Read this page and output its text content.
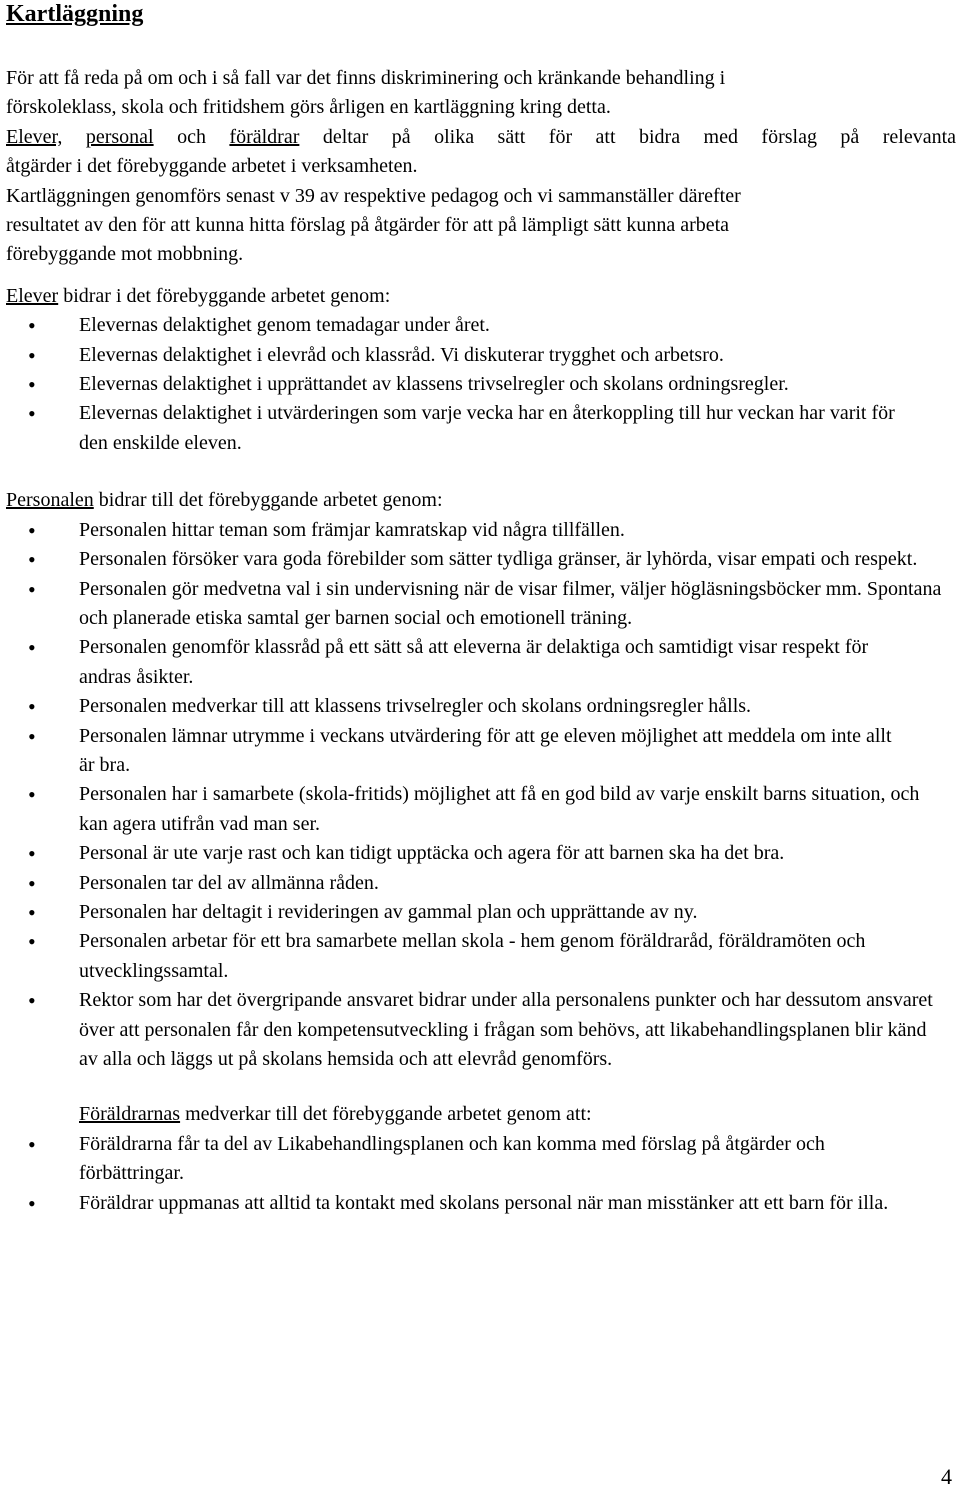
Kartläggning

För att få reda på om och i så fall var det finns diskriminering och kränkande behandling i

förskoleklass, skola och fritidshem görs årligen en kartläggning kring detta.

Elever, personal och föräldrar deltar på olika sätt för att bidra med förslag på relevanta

åtgärder i det förebyggande arbetet i verksamheten.

Kartläggningen genomförs senast v 39 av respektive pedagog och vi sammanställer därefter

resultatet av den för att kunna hitta förslag på åtgärder för att på lämpligt sätt kunna arbeta

förebyggande mot mobbning.

Elever bidrar i det förebyggande arbetet genom:

• Elevernas delaktighet genom temadagar under året.
• Elevernas delaktighet i elevråd och klassråd. Vi diskuterar trygghet och arbetsro.
• Elevernas delaktighet i upprättandet av klassens trivselregler och skolans ordningsregler.
• Elevernas delaktighet i utvärderingen som varje vecka har en återkoppling till hur veckan har varit för den enskilde eleven.

Personalen bidrar till det förebyggande arbetet genom:

• Personalen hittar teman som främjar kamratskap vid några tillfällen.
• Personalen försöker vara goda förebilder som sätter tydliga gränser, är lyhörda, visar empati och respekt.
• Personalen gör medvetna val i sin undervisning när de visar filmer, väljer högläsningsböcker mm. Spontana och planerade etiska samtal ger barnen social och emotionell träning.
• Personalen genomför klassråd på ett sätt så att eleverna är delaktiga och samtidigt visar respekt för andras åsikter.
• Personalen medverkar till att klassens trivselregler och skolans ordningsregler hålls.
• Personalen lämnar utrymme i veckans utvärdering för att ge eleven möjlighet att meddela om inte allt är bra.
• Personalen har i samarbete (skola-fritids) möjlighet att få en god bild av varje enskilt barns situation, och kan agera utifrån vad man ser.
• Personal är ute varje rast och kan tidigt upptäcka och agera för att barnen ska ha det bra.
• Personalen tar del av allmänna råden.
• Personalen har deltagit i revideringen av gammal plan och upprättande av ny.
• Personalen arbetar för ett bra samarbete mellan skola - hem genom föräldraråd, föräldramöten och utvecklingssamtal.
• Rektor som har det övergripande ansvaret bidrar under alla personalens punkter och har dessutom ansvaret över att personalen får den kompetensutveckling i frågan som behövs, att likabehandlingsplanen blir känd av alla och läggs ut på skolans hemsida och att elevråd genomförs.

Föräldrarnas medverkar till det förebyggande arbetet genom att:

• Föräldrarna får ta del av Likabehandlingsplanen och kan komma med förslag på åtgärder och förbättringar.
• Föräldrar uppmanas att alltid ta kontakt med skolans personal när man misstänker att ett barn för illa.
4
